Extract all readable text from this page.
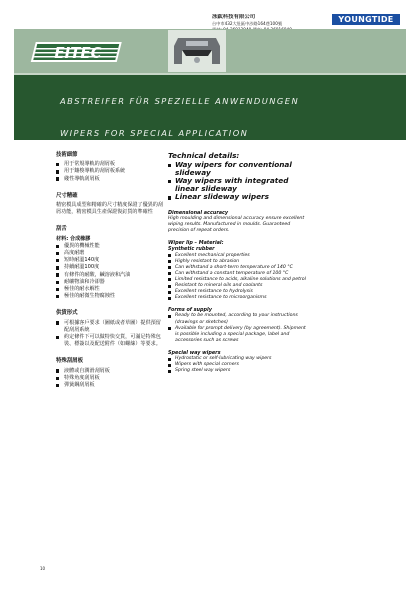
泳鈦科技有限公司
台中市432大肚區中沙路164巷100號	YOUNGTIDE
EITEC
ABSTREIFER FÜR SPEZIELLE ANWENDUNGEN
WIPERS FOR SPECIAL APPLICATION
技術細節
用于常規導軌的刮屑板
用于鑲梭導軌的刮屑板系統
綫性導軌刮屑板
尺寸精確

精密模具成型和精確的尺寸精度保證了優異的刮屑功能，精密模具生產保證復釘貨的準確性

刮舌

材料: 合成橡膠

優異的機械性能
高度耐磨
短時耐溫140度
持續耐溫100度
有條件的耐酸，鹹溶液和汽油
耐礦物油和冷卻器
極佳的耐水解性
極佳的耐微生物腐蝕性
供貨形式
可根據客戶要求（圖紙或者草圖）提供預留配刮屑系統
約定條件下可以做特快交貨，可滿足特殊包裝、標簽以及配送附件（如螺絲）等要求。
特殊刮屑板
液體或自潤滑刮屑板
特殊角度刮屑板
彈簧鋼刮屑板
Technical details:
Way wipers for conventional slideway
Way wipers with integrated linear slideway
Linear slideway wipers
Dimensional accuracy

High moulding and dimensional accuracy ensure excellent wiping results. Manufactured in moulds. Guaranteed precision of repeat orders.

Wiper lip – Material:
Synthetic rubber
Excellent mechanical properties
Highly resistant to abrasion
Can withstand a short-term temperature of 140 °C
Can withstand a constant temperature of 100 °C
Limited resistance to acids, alkaline solutions and petrol
Resistant to mineral oils and coolants
Excellent resistance to hydrolysis
Excellent resistance to microorganisms
Forms of supply
Ready to be mounted, according to your instructions (drawings or sketches)
Available for prompt delivery (by agreement). Shipment is possible including a special package, label and accessories such as screws
Special way wipers
Hydrostatic or self-lubricating way wipers
Wipers with special corners
Spring steel way wipers
10
